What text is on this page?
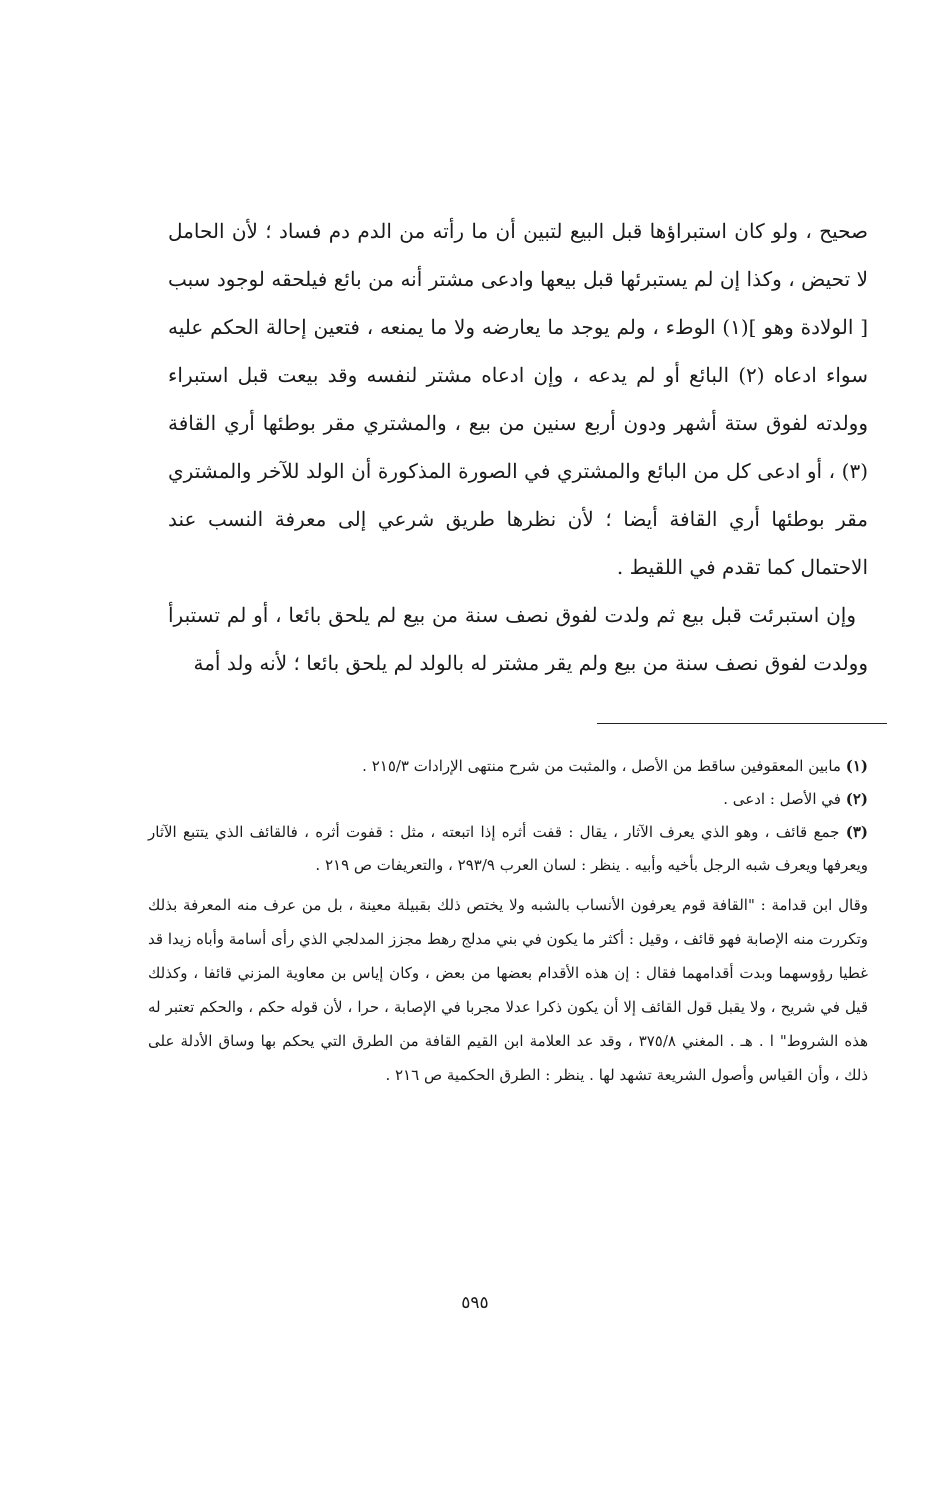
صحيح ، ولو كان استبراؤها قبل البيع لتبين أن ما رأته من الدم دم فساد ؛ لأن الحامل لا تحيض ، وكذا إن لم يستبرئها قبل بيعها وادعى مشتر أنه من بائع فيلحقه لوجود سبب [ الولادة وهو ](١) الوطء ، ولم يوجد ما يعارضه ولا ما يمنعه ، فتعين إحالة الحكم عليه سواء ادعاه (٢) البائع أو لم يدعه ، وإن ادعاه مشتر لنفسه وقد بيعت قبل استبراء وولدته لفوق ستة أشهر ودون أربع سنين من بيع ، والمشتري مقر بوطئها أري القافة (٣) ، أو ادعى كل من البائع والمشتري في الصورة المذكورة أن الولد للآخر والمشتري مقر بوطئها أري القافة أيضا ؛ لأن نظرها طريق شرعي إلى معرفة النسب عند الاحتمال كما تقدم في اللقيط .

وإن استبرئت قبل بيع ثم ولدت لفوق نصف سنة من بيع لم يلحق بائعا ، أو لم تستبرأ وولدت لفوق نصف سنة من بيع ولم يقر مشتر له بالولد لم يلحق بائعا ؛ لأنه ولد أمة

(١) مابين المعقوفين ساقط من الأصل ، والمثبت من شرح منتهى الإرادات ٢١٥/٣ .

(٢) في الأصل : ادعى .

(٣) جمع قائف ، وهو الذي يعرف الآثار ، يقال : قفت أثره إذا اتبعته ، مثل : قفوت أثره ، فالقائف الذي يتتبع الآثار ويعرفها ويعرف شبه الرجل بأخيه وأبيه . ينظر : لسان العرب ٢٩٣/٩ ، والتعريفات ص ٢١٩ .

وقال ابن قدامة : "القافة قوم يعرفون الأنساب بالشبه ولا يختص ذلك بقبيلة معينة ، بل من عرف منه المعرفة بذلك وتكررت منه الإصابة فهو قائف ، وقيل : أكثر ما يكون في بني مدلج رهط مجزز المدلجي الذي رأى أسامة وأباه زيدا قد غطيا رؤوسهما وبدت أقدامهما فقال : إن هذه الأقدام بعضها من بعض ، وكان إياس بن معاوية المزني قائفا ، وكذلك قيل في شريح ، ولا يقبل قول القائف إلا أن يكون ذكرا عدلا مجربا في الإصابة ، حرا ، لأن قوله حكم ، والحكم تعتبر له هذه الشروط" ا . هـ . المغني ٣٧٥/٨ ، وقد عد العلامة ابن القيم القافة من الطرق التي يحكم بها وساق الأدلة على ذلك ، وأن القياس وأصول الشريعة تشهد لها . ينظر : الطرق الحكمية ص ٢١٦ .

٥٩٥
